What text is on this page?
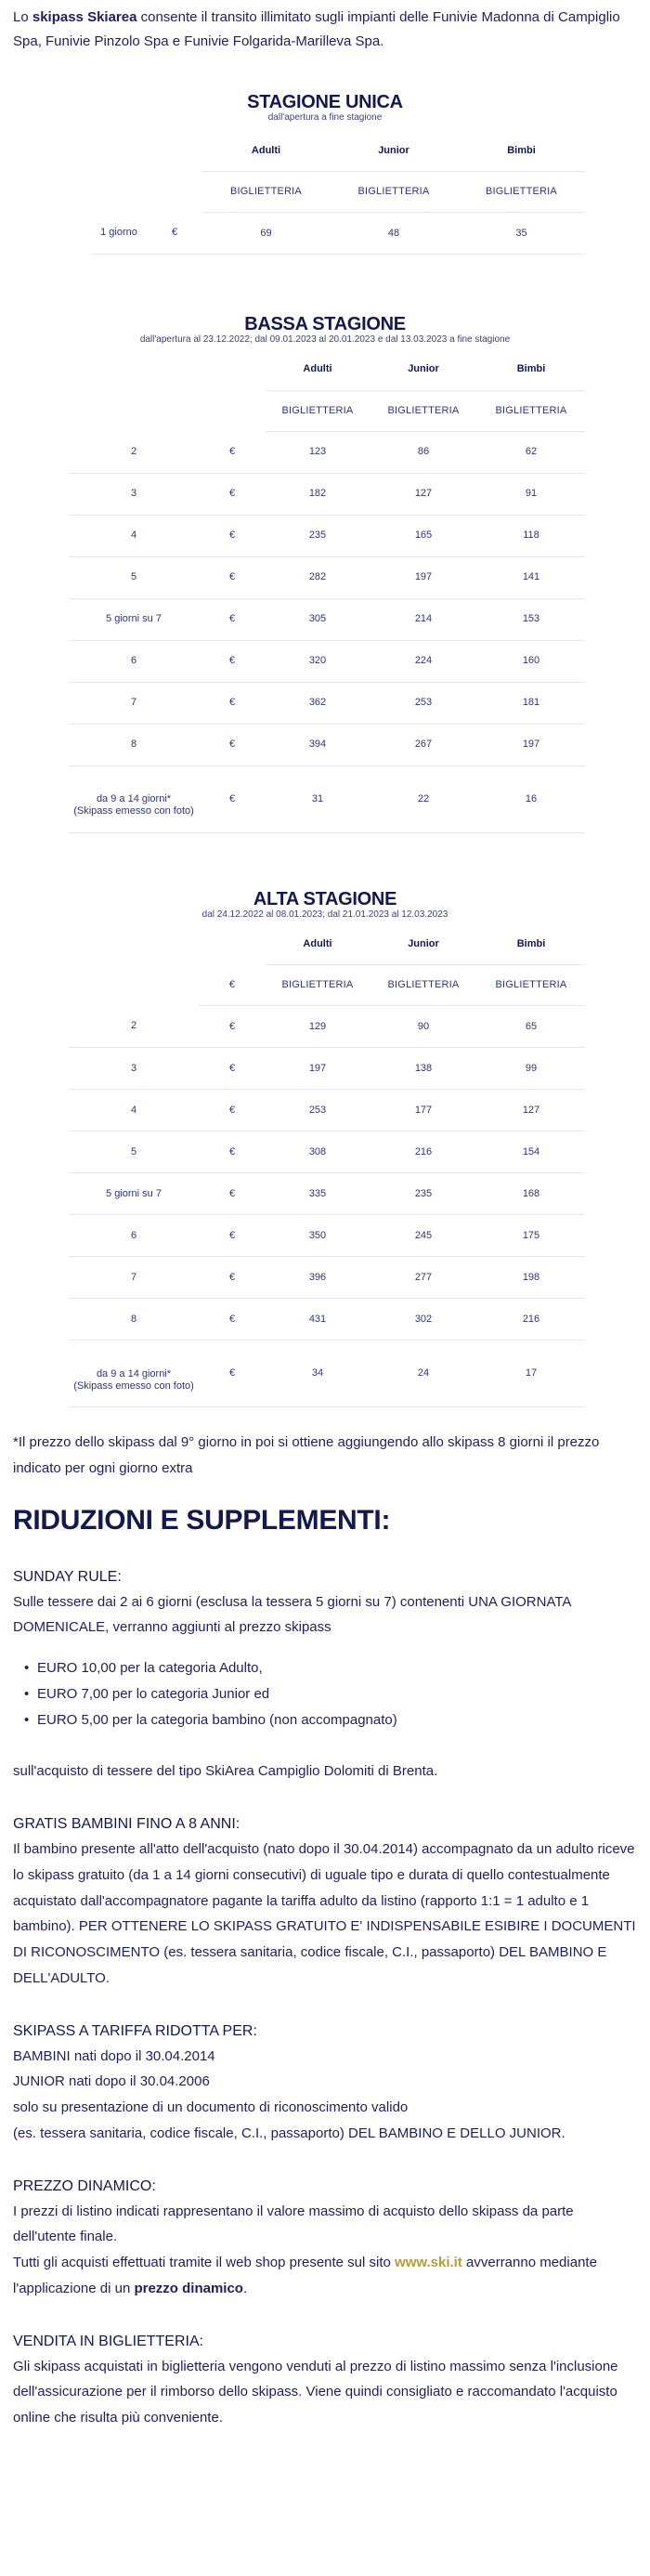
Lo skipass Skiarea consente il transito illimitato sugli impianti delle Funivie Madonna di Campiglio Spa, Funivie Pinzolo Spa e Funivie Folgarida-Marilleva Spa.

STAGIONE UNICA
dall'apertura a fine stagione
		Adulti	Junior	Bimbi
		BIGLIETTERIA	BIGLIETTERIA	BIGLIETTERIA
1 giorno	€	69	48	35
BASSA STAGIONE
dall'apertura al 23.12.2022; dal 09.01.2023 al 20.01.2023 e dal 13.03.2023 a fine stagione
		Adulti	Junior	Bimbi
		BIGLIETTERIA	BIGLIETTERIA	BIGLIETTERIA
2	€	123	86	62
3	€	182	127	91
4	€	235	165	118
5	€	282	197	141
5 giorni su 7	€	305	214	153
6	€	320	224	160
7	€	362	253	181
8	€	394	267	197

da 9 a 14 giorni*
(Skipass emesso con foto)	€	31	22	16
ALTA STAGIONE
dal 24.12.2022 al 08.01.2023; dal 21.01.2023 al 12.03.2023
		Adulti	Junior	Bimbi
	€	BIGLIETTERIA	BIGLIETTERIA	BIGLIETTERIA
2	€	129	90	65
3	€	197	138	99
4	€	253	177	127
5	€	308	216	154
5 giorni su 7	€	335	235	168
6	€	350	245	175
7	€	396	277	198
8	€	431	302	216

da 9 a 14 giorni*
(Skipass emesso con foto)	€	34	24	17

*Il prezzo dello skipass dal 9° giorno in poi si ottiene aggiungendo allo skipass 8 giorni il prezzo indicato per ogni giorno extra

RIDUZIONI E SUPPLEMENTI:
SUNDAY RULE:

Sulle tessere dai 2 ai 6 giorni (esclusa la tessera 5 giorni su 7) contenenti UNA GIORNATA DOMENICALE, verranno aggiunti al prezzo skipass

• EURO 10,00 per la categoria Adulto,
• EURO 7,00 per lo categoria Junior ed
• EURO 5,00 per la categoria bambino (non accompagnato)

sull'acquisto di tessere del tipo SkiArea Campiglio Dolomiti di Brenta.

GRATIS BAMBINI FINO A 8 ANNI:

Il bambino presente all'atto dell'acquisto (nato dopo il 30.04.2014) accompagnato da un adulto riceve lo skipass gratuito (da 1 a 14 giorni consecutivi) di uguale tipo e durata di quello contestualmente acquistato dall'accompagnatore pagante la tariffa adulto da listino (rapporto 1:1 = 1 adulto e 1 bambino). PER OTTENERE LO SKIPASS GRATUITO E' INDISPENSABILE ESIBIRE I DOCUMENTI DI RICONOSCIMENTO (es. tessera sanitaria, codice fiscale, C.I., passaporto) DEL BAMBINO E DELL'ADULTO.

SKIPASS A TARIFFA RIDOTTA PER:

BAMBINI nati dopo il 30.04.2014

JUNIOR nati dopo il 30.04.2006

solo su presentazione di un documento di riconoscimento valido

(es. tessera sanitaria, codice fiscale, C.I., passaporto) DEL BAMBINO E DELLO JUNIOR.

PREZZO DINAMICO:

I prezzi di listino indicati rappresentano il valore massimo di acquisto dello skipass da parte dell'utente finale.

Tutti gli acquisti effettuati tramite il web shop presente sul sito www.ski.it avverranno mediante l'applicazione di un prezzo dinamico.

VENDITA IN BIGLIETTERIA:

Gli skipass acquistati in biglietteria vengono venduti al prezzo di listino massimo senza l'inclusione dell'assicurazione per il rimborso dello skipass. Viene quindi consigliato e raccomandato l'acquisto online che risulta più conveniente.
